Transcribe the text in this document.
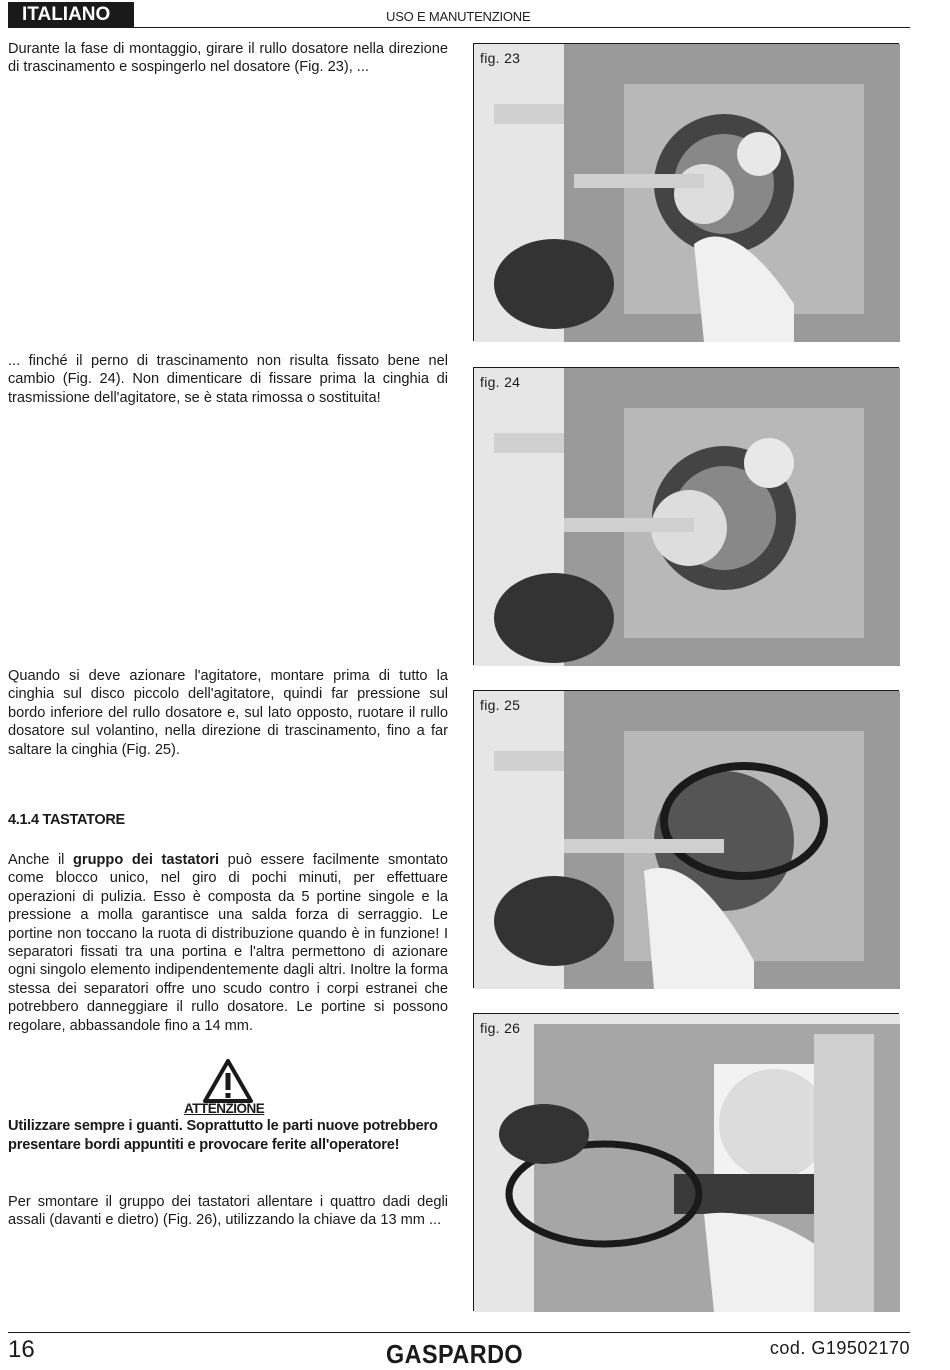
ITALIANO	USO E MANUTENZIONE

Durante la fase di montaggio, girare il rullo dosatore nella direzione di trascinamento e sospingerlo nel dosatore (Fig. 23), ...

... finché il perno di trascinamento non risulta fissato bene nel cambio (Fig. 24). Non dimenticare di fissare prima la cinghia di trasmissione dell'agitatore, se è stata rimossa o sostituita!

Quando si deve azionare l'agitatore, montare prima di tutto la cinghia sul disco piccolo dell'agitatore, quindi far pressione sul bordo inferiore del rullo dosatore e, sul lato opposto, ruotare il rullo dosatore sul volantino, nella direzione di trascinamento, fino a far saltare la cinghia (Fig. 25).

4.1.4 TASTATORE

Anche il gruppo dei tastatori può essere facilmente smontato come blocco unico, nel giro di pochi minuti, per effettuare operazioni di pulizia. Esso è composta da 5 portine singole e la pressione a molla garantisce una salda forza di serraggio. Le portine non toccano la ruota di distribuzione quando è in funzione! I separatori fissati tra una portina e l'altra permettono di azionare ogni singolo elemento indipendentemente dagli altri. Inoltre la forma stessa dei separatori offre uno scudo contro i corpi estranei che potrebbero danneggiare il rullo dosatore. Le portine si possono regolare, abbassandole fino a 14 mm.

ATTENZIONE

Utilizzare sempre i guanti. Soprattutto le parti nuove potrebbero presentare bordi appuntiti e provocare ferite all'operatore!

Per smontare il gruppo dei tastatori allentare i quattro dadi degli assali (davanti e dietro) (Fig. 26), utilizzando la chiave da 13 mm ...

fig. 23
fig. 24
fig. 25
fig. 26
16	GASPARDO	cod. G19502170
